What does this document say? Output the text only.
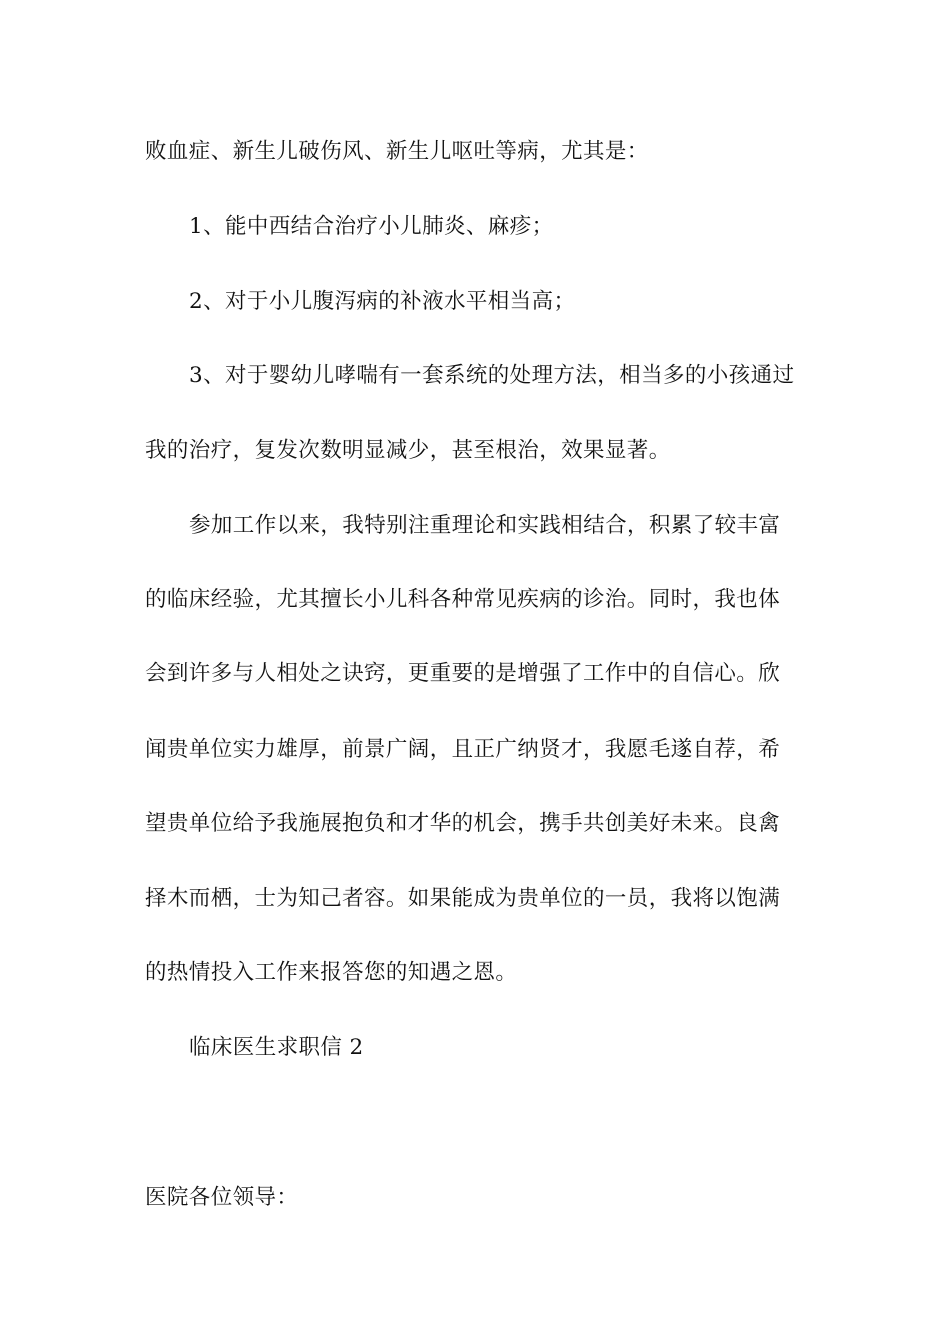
败血症、新生儿破伤风、新生儿呕吐等病，尤其是：
1、能中西结合治疗小儿肺炎、麻疹；
2、对于小儿腹泻病的补液水平相当高；
3、对于婴幼儿哮喘有一套系统的处理方法，相当多的小孩通过
我的治疗，复发次数明显减少，甚至根治，效果显著。
参加工作以来，我特别注重理论和实践相结合，积累了较丰富
的临床经验，尤其擅长小儿科各种常见疾病的诊治。同时，我也体
会到许多与人相处之诀窍，更重要的是增强了工作中的自信心。欣
闻贵单位实力雄厚，前景广阔，且正广纳贤才，我愿毛遂自荐，希
望贵单位给予我施展抱负和才华的机会，携手共创美好未来。良禽
择木而栖，士为知己者容。如果能成为贵单位的一员，我将以饱满
的热情投入工作来报答您的知遇之恩。
临床医生求职信 2
医院各位领导：
